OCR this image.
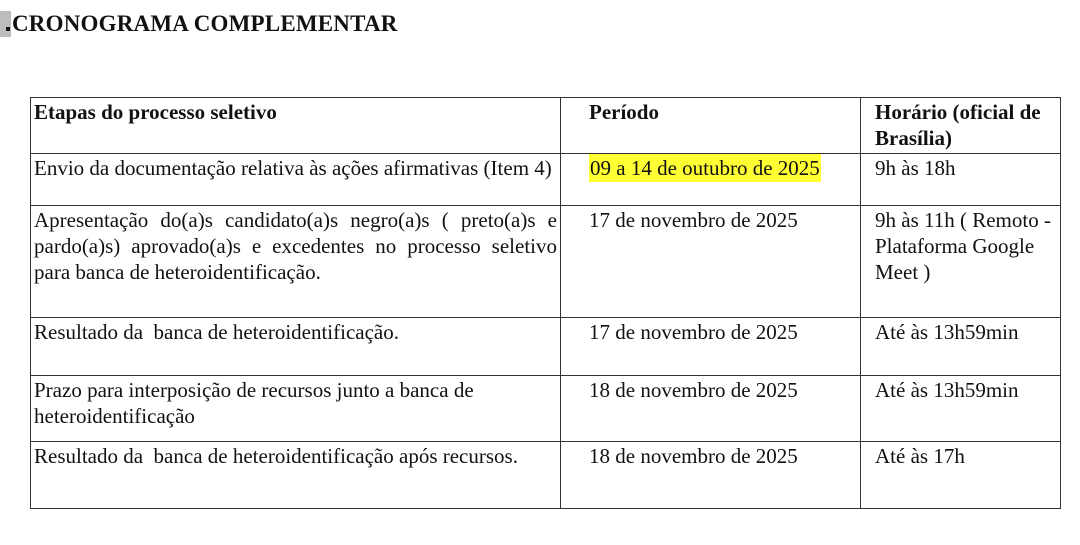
CRONOGRAMA COMPLEMENTAR
Etapas do processo seletivo	Período	Horário (oficial de Brasília)

Envio da documentação relativa às ações afirmativas (Item 4)	09 a 14 de outubro de 2025	9h às 18h

Apresentação do(a)s candidato(a)s negro(a)s ( preto(a)s e pardo(a)s) aprovado(a)s e excedentes no processo seletivo para banca de heteroidentificação.	17 de novembro de 2025	9h às 11h ( Remoto - Plataforma Google Meet )

Resultado da  banca de heteroidentificação.	17 de novembro de 2025	Até às 13h59min

Prazo para interposição de recursos junto a banca de heteroidentificação	18 de novembro de 2025	Até às 13h59min

Resultado da  banca de heteroidentificação após recursos.	18 de novembro de 2025	Até às 17h
